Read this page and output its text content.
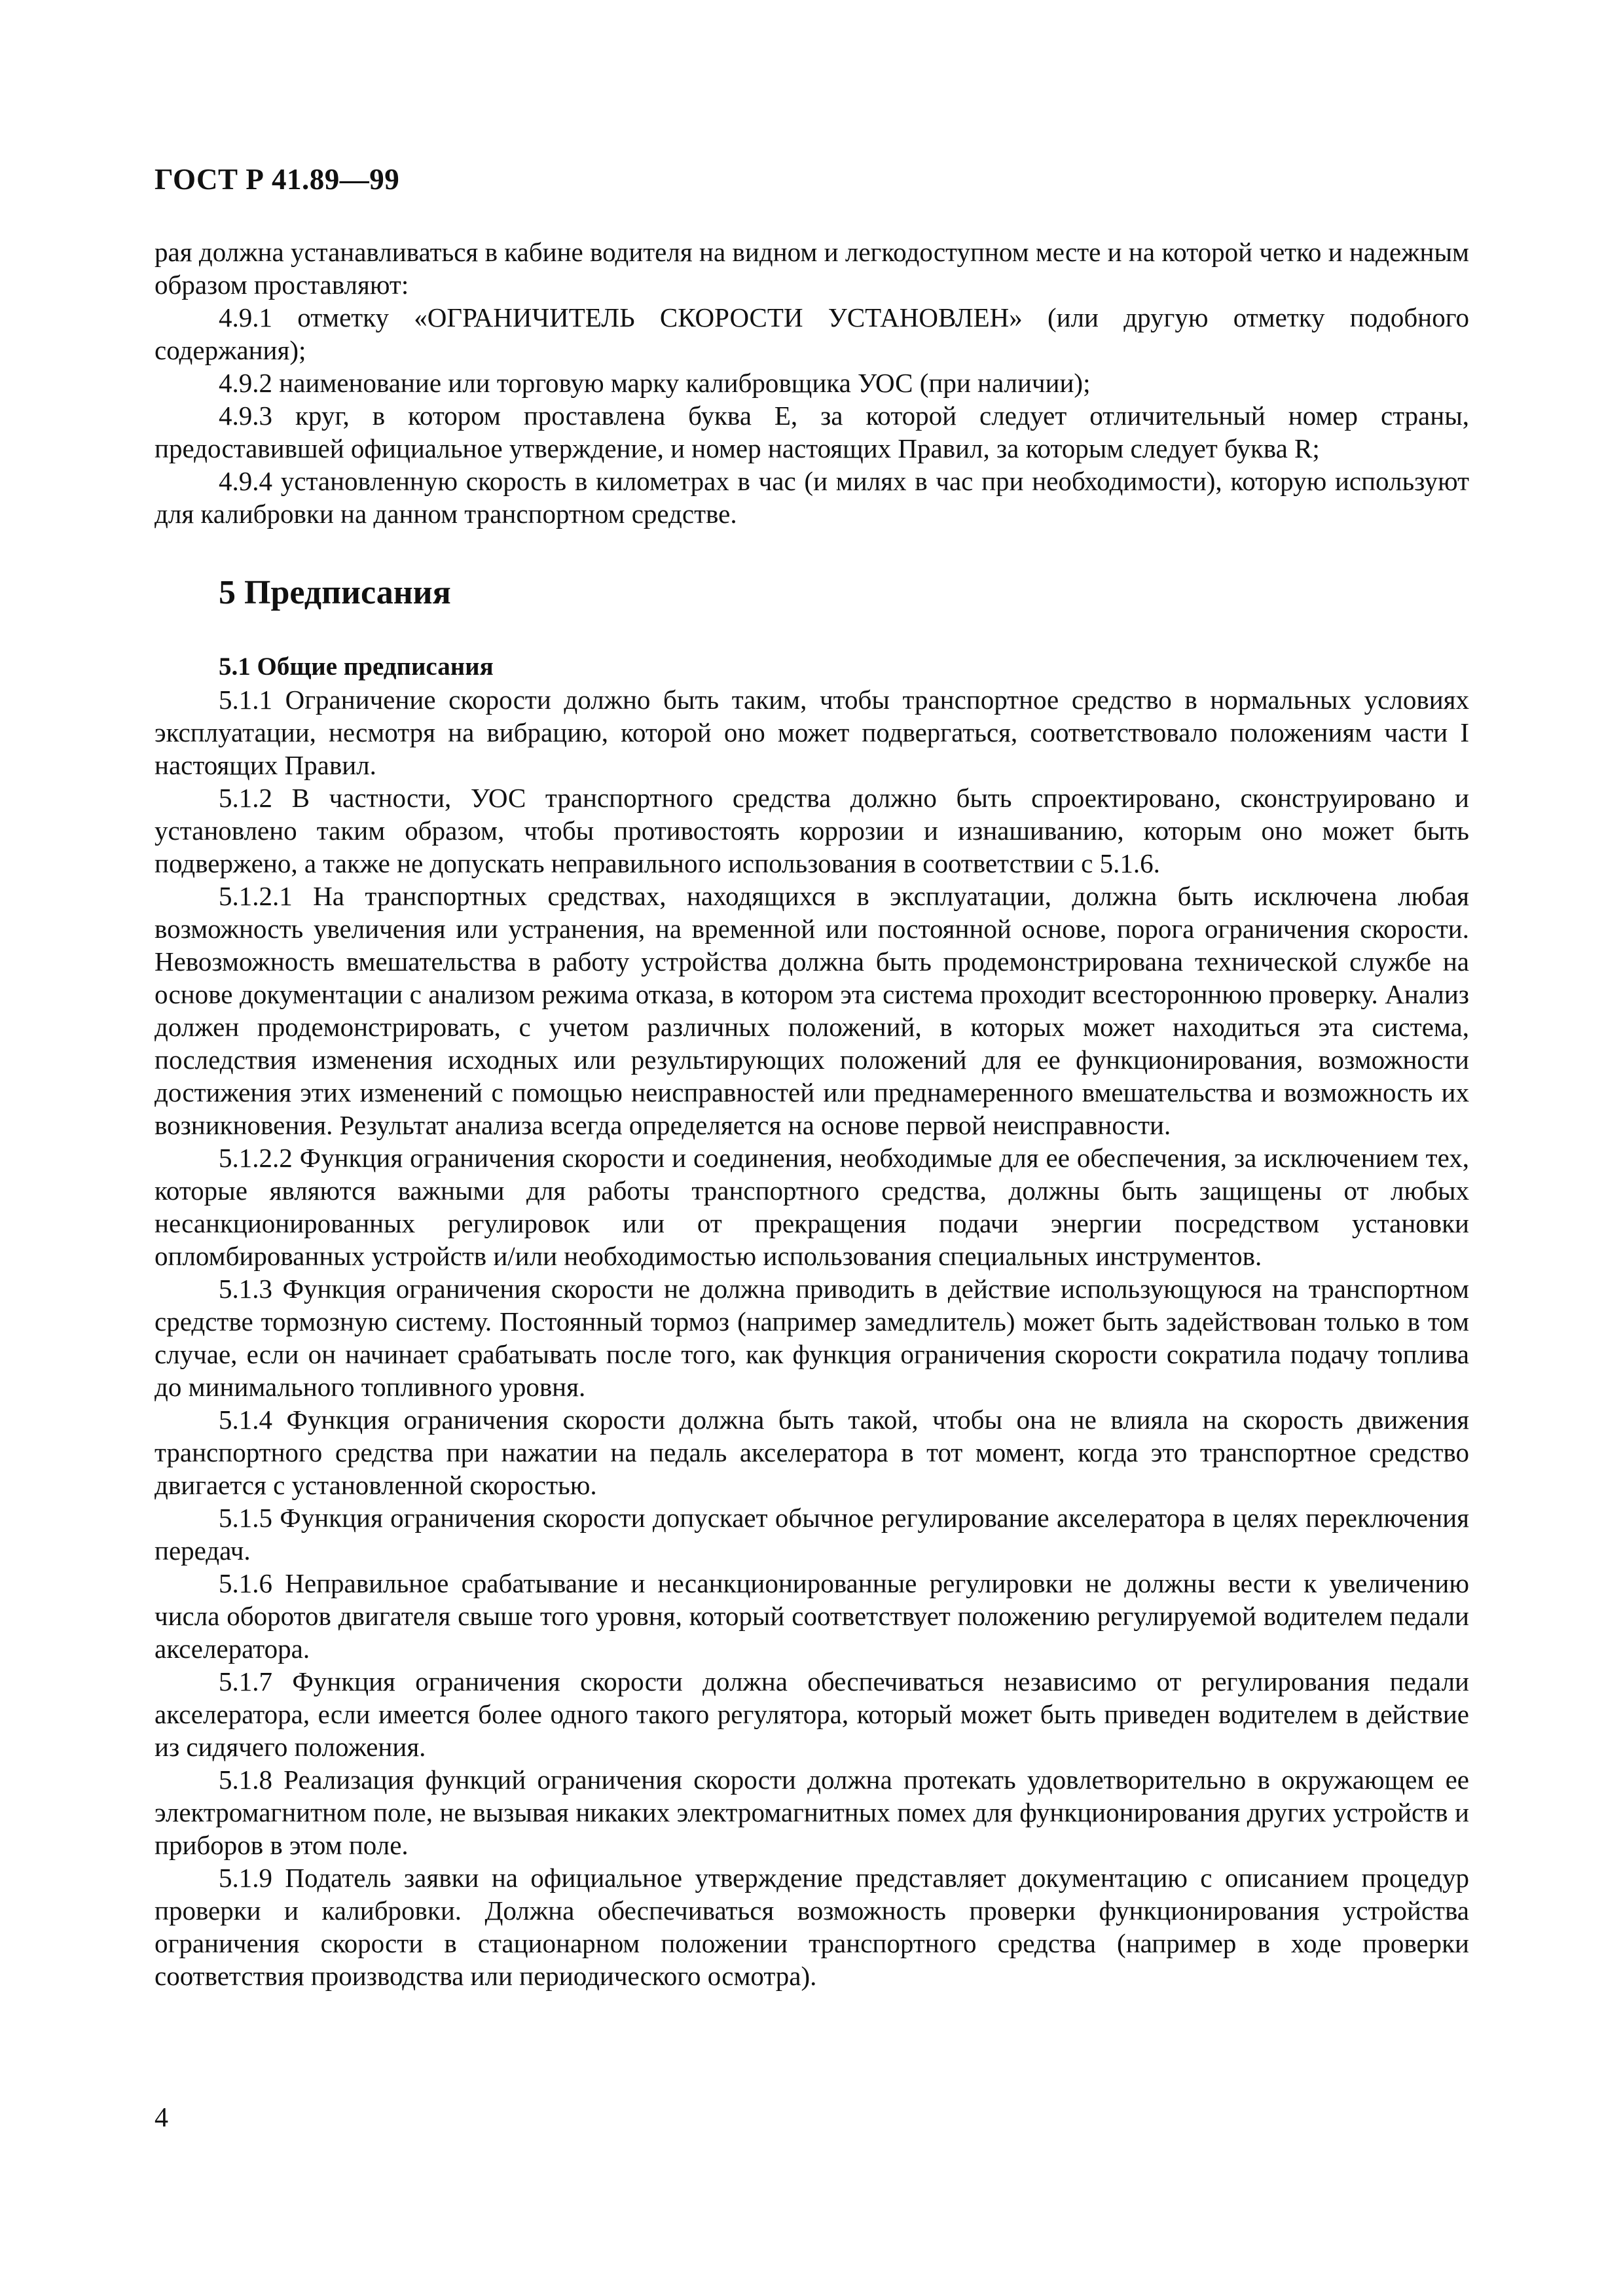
ГОСТ Р 41.89—99

рая должна устанавливаться в кабине водителя на видном и легкодоступном месте и на которой четко и надежным образом проставляют:

4.9.1 отметку «ОГРАНИЧИТЕЛЬ СКОРОСТИ УСТАНОВЛЕН» (или другую отметку подобного содержания);

4.9.2 наименование или торговую марку калибровщика УОС (при наличии);

4.9.3 круг, в котором проставлена буква Е, за которой следует отличительный номер страны, предоставившей официальное утверждение, и номер настоящих Правил, за которым следует буква R;

4.9.4 установленную скорость в километрах в час (и милях в час при необходимости), которую используют для калибровки на данном транспортном средстве.

5 Предписания
5.1 Общие предписания

5.1.1 Ограничение скорости должно быть таким, чтобы транспортное средство в нормальных условиях эксплуатации, несмотря на вибрацию, которой оно может подвергаться, соответствовало положениям части I настоящих Правил.

5.1.2 В частности, УОС транспортного средства должно быть спроектировано, сконструировано и установлено таким образом, чтобы противостоять коррозии и изнашиванию, которым оно может быть подвержено, а также не допускать неправильного использования в соответствии с 5.1.6.

5.1.2.1 На транспортных средствах, находящихся в эксплуатации, должна быть исключена любая возможность увеличения или устранения, на временной или постоянной основе, порога ограничения скорости. Невозможность вмешательства в работу устройства должна быть продемонстрирована технической службе на основе документации с анализом режима отказа, в котором эта система проходит всестороннюю проверку. Анализ должен продемонстрировать, с учетом различных положений, в которых может находиться эта система, последствия изменения исходных или результирующих положений для ее функционирования, возможности достижения этих изменений с помощью неисправностей или преднамеренного вмешательства и возможность их возникновения. Результат анализа всегда определяется на основе первой неисправности.

5.1.2.2 Функция ограничения скорости и соединения, необходимые для ее обеспечения, за исключением тех, которые являются важными для работы транспортного средства, должны быть защищены от любых несанкционированных регулировок или от прекращения подачи энергии посредством установки опломбированных устройств и/или необходимостью использования специальных инструментов.

5.1.3 Функция ограничения скорости не должна приводить в действие использующуюся на транспортном средстве тормозную систему. Постоянный тормоз (например замедлитель) может быть задействован только в том случае, если он начинает срабатывать после того, как функция ограничения скорости сократила подачу топлива до минимального топливного уровня.

5.1.4 Функция ограничения скорости должна быть такой, чтобы она не влияла на скорость движения транспортного средства при нажатии на педаль акселератора в тот момент, когда это транспортное средство двигается с установленной скоростью.

5.1.5 Функция ограничения скорости допускает обычное регулирование акселератора в целях переключения передач.

5.1.6 Неправильное срабатывание и несанкционированные регулировки не должны вести к увеличению числа оборотов двигателя свыше того уровня, который соответствует положению регулируемой водителем педали акселератора.

5.1.7 Функция ограничения скорости должна обеспечиваться независимо от регулирования педали акселератора, если имеется более одного такого регулятора, который может быть приведен водителем в действие из сидячего положения.

5.1.8 Реализация функций ограничения скорости должна протекать удовлетворительно в окружающем ее электромагнитном поле, не вызывая никаких электромагнитных помех для функционирования других устройств и приборов в этом поле.

5.1.9 Податель заявки на официальное утверждение представляет документацию с описанием процедур проверки и калибровки. Должна обеспечиваться возможность проверки функционирования устройства ограничения скорости в стационарном положении транспортного средства (например в ходе проверки соответствия производства или периодического осмотра).

4
